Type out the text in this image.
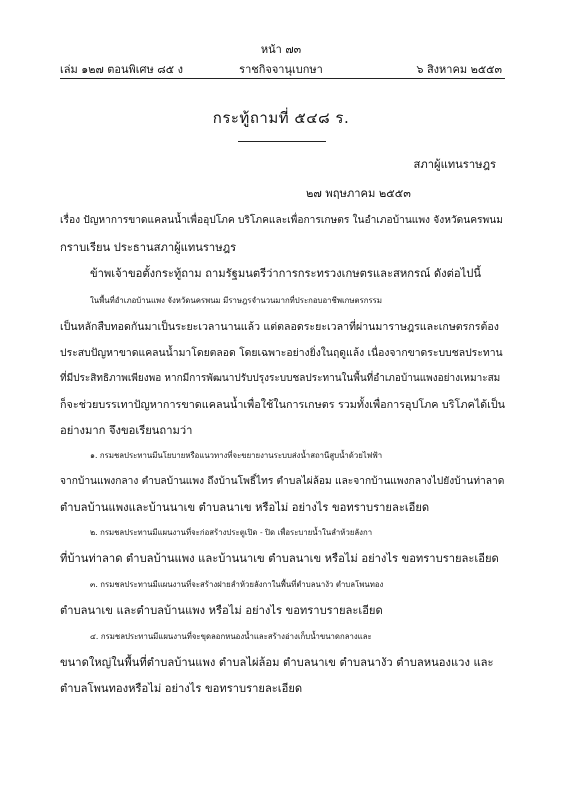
หน้า ๗๓
เล่ม ๑๒๗ ตอนพิเศษ ๘๕ ง	ราชกิจจานุเบกษา	๖ สิงหาคม ๒๕๕๓
กระทู้ถามที่ ๕๔๘ ร.
สภาผู้แทนราษฎร
๒๗ พฤษภาคม ๒๕๕๓
เรื่อง ปัญหาการขาดแคลนน้ำเพื่ออุปโภค บริโภคและเพื่อการเกษตร ในอำเภอบ้านแพง จังหวัดนครพนม
กราบเรียน ประธานสภาผู้แทนราษฎร
ข้าพเจ้าขอตั้งกระทู้ถาม ถามรัฐมนตรีว่าการกระทรวงเกษตรและสหกรณ์ ดังต่อไปนี้
ในพื้นที่อำเภอบ้านแพง จังหวัดนครพนม มีราษฎรจำนวนมากที่ประกอบอาชีพเกษตรกรรม
เป็นหลักสืบทอดกันมาเป็นระยะเวลานานแล้ว แต่ตลอดระยะเวลาที่ผ่านมาราษฎรและเกษตรกรต้อง
ประสบปัญหาขาดแคลนน้ำมาโดยตลอด โดยเฉพาะอย่างยิ่งในฤดูแล้ง เนื่องจากขาดระบบชลประทาน
ที่มีประสิทธิภาพเพียงพอ หากมีการพัฒนาปรับปรุงระบบชลประทานในพื้นที่อำเภอบ้านแพงอย่างเหมาะสม
ก็จะช่วยบรรเทาปัญหาการขาดแคลนน้ำเพื่อใช้ในการเกษตร รวมทั้งเพื่อการอุปโภค บริโภคได้เป็น
อย่างมาก จึงขอเรียนถามว่า
๑. กรมชลประทานมีนโยบายหรือแนวทางที่จะขยายงานระบบส่งน้ำสถานีสูบน้ำด้วยไฟฟ้า
จากบ้านแพงกลาง ตำบลบ้านแพง ถึงบ้านโพธิ์ไทร ตำบลไผ่ล้อม และจากบ้านแพงกลางไปยังบ้านท่าลาด
ตำบลบ้านแพงและบ้านนาเข ตำบลนาเข หรือไม่ อย่างไร ขอทราบรายละเอียด
๒. กรมชลประทานมีแผนงานที่จะก่อสร้างประตูเปิด - ปิด เพื่อระบายน้ำในลำห้วยลังกา
ที่บ้านท่าลาด ตำบลบ้านแพง และบ้านนาเข ตำบลนาเข หรือไม่ อย่างไร ขอทราบรายละเอียด
๓. กรมชลประทานมีแผนงานที่จะสร้างฝายลำห้วยลังกาในพื้นที่ตำบลนางัว ตำบลโพนทอง
ตำบลนาเข และตำบลบ้านแพง หรือไม่ อย่างไร ขอทราบรายละเอียด
๔. กรมชลประทานมีแผนงานที่จะขุดลอกหนองน้ำและสร้างอ่างเก็บน้ำขนาดกลางและ
ขนาดใหญ่ในพื้นที่ตำบลบ้านแพง ตำบลไผ่ล้อม ตำบลนาเข ตำบลนางัว ตำบลหนองแวง และ
ตำบลโพนทองหรือไม่ อย่างไร ขอทราบรายละเอียด
